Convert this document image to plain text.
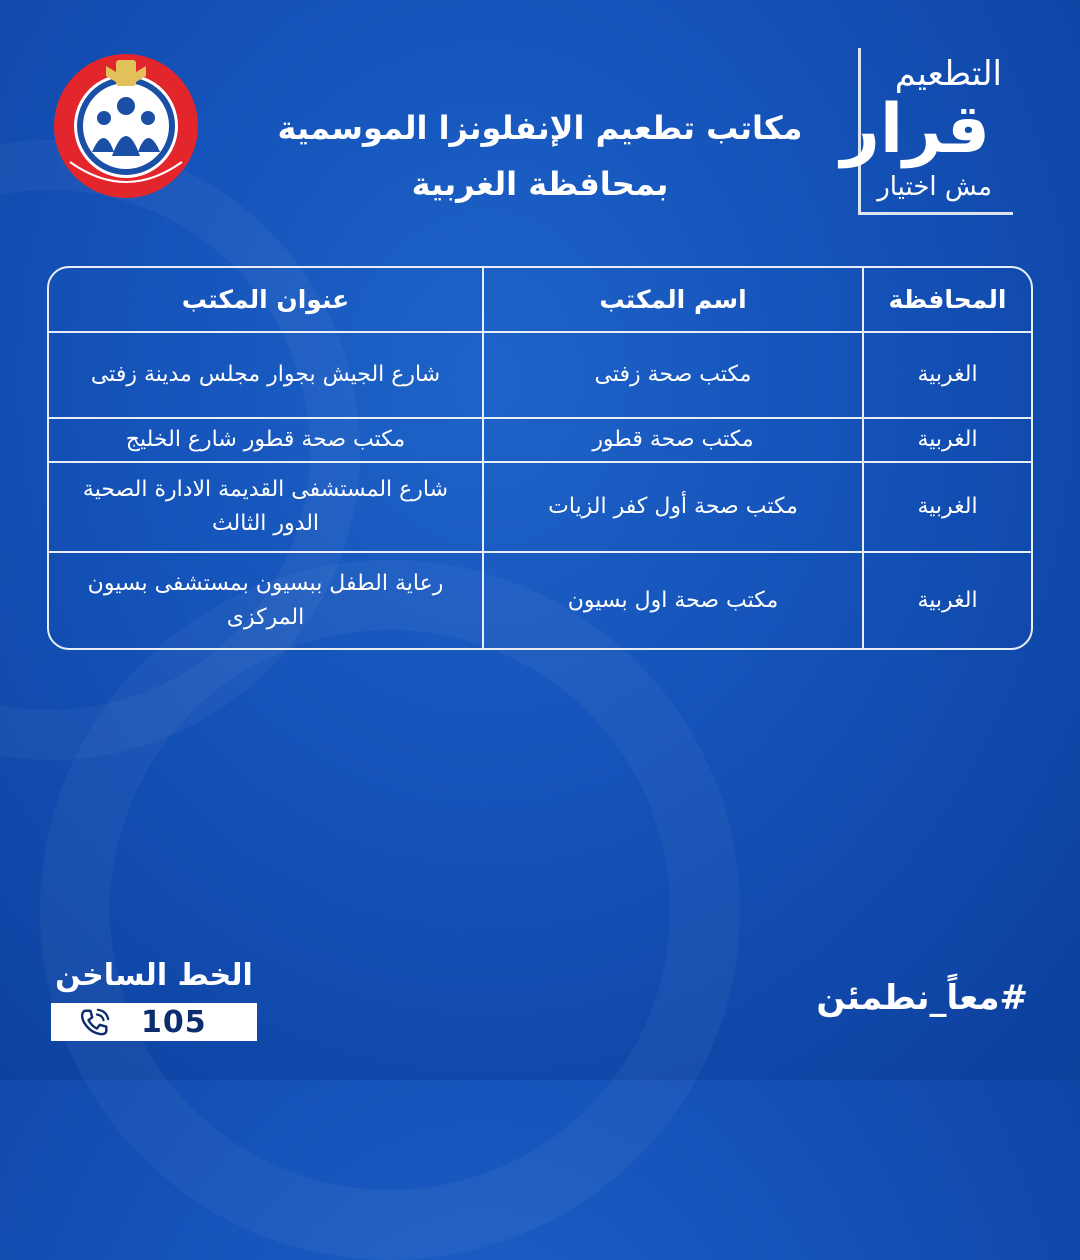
مكاتب تطعيم الإنفلونزا الموسمية
بمحافظة الغربية
التطعيم
قرار
مش اختيار
المحافظة
اسم المكتب
عنوان المكتب
الغربية
مكتب صحة زفتى
شارع الجيش بجوار مجلس مدينة زفتى
الغربية
مكتب صحة قطور
مكتب صحة قطور شارع الخليج
الغربية
مكتب صحة أول كفر الزيات
شارع المستشفى القديمة الادارة الصحية الدور الثالث
الغربية
مكتب صحة اول بسيون
رعاية الطفل ببسيون بمستشفى بسيون المركزى
الخط الساخن
105
#معاً_نطمئن
